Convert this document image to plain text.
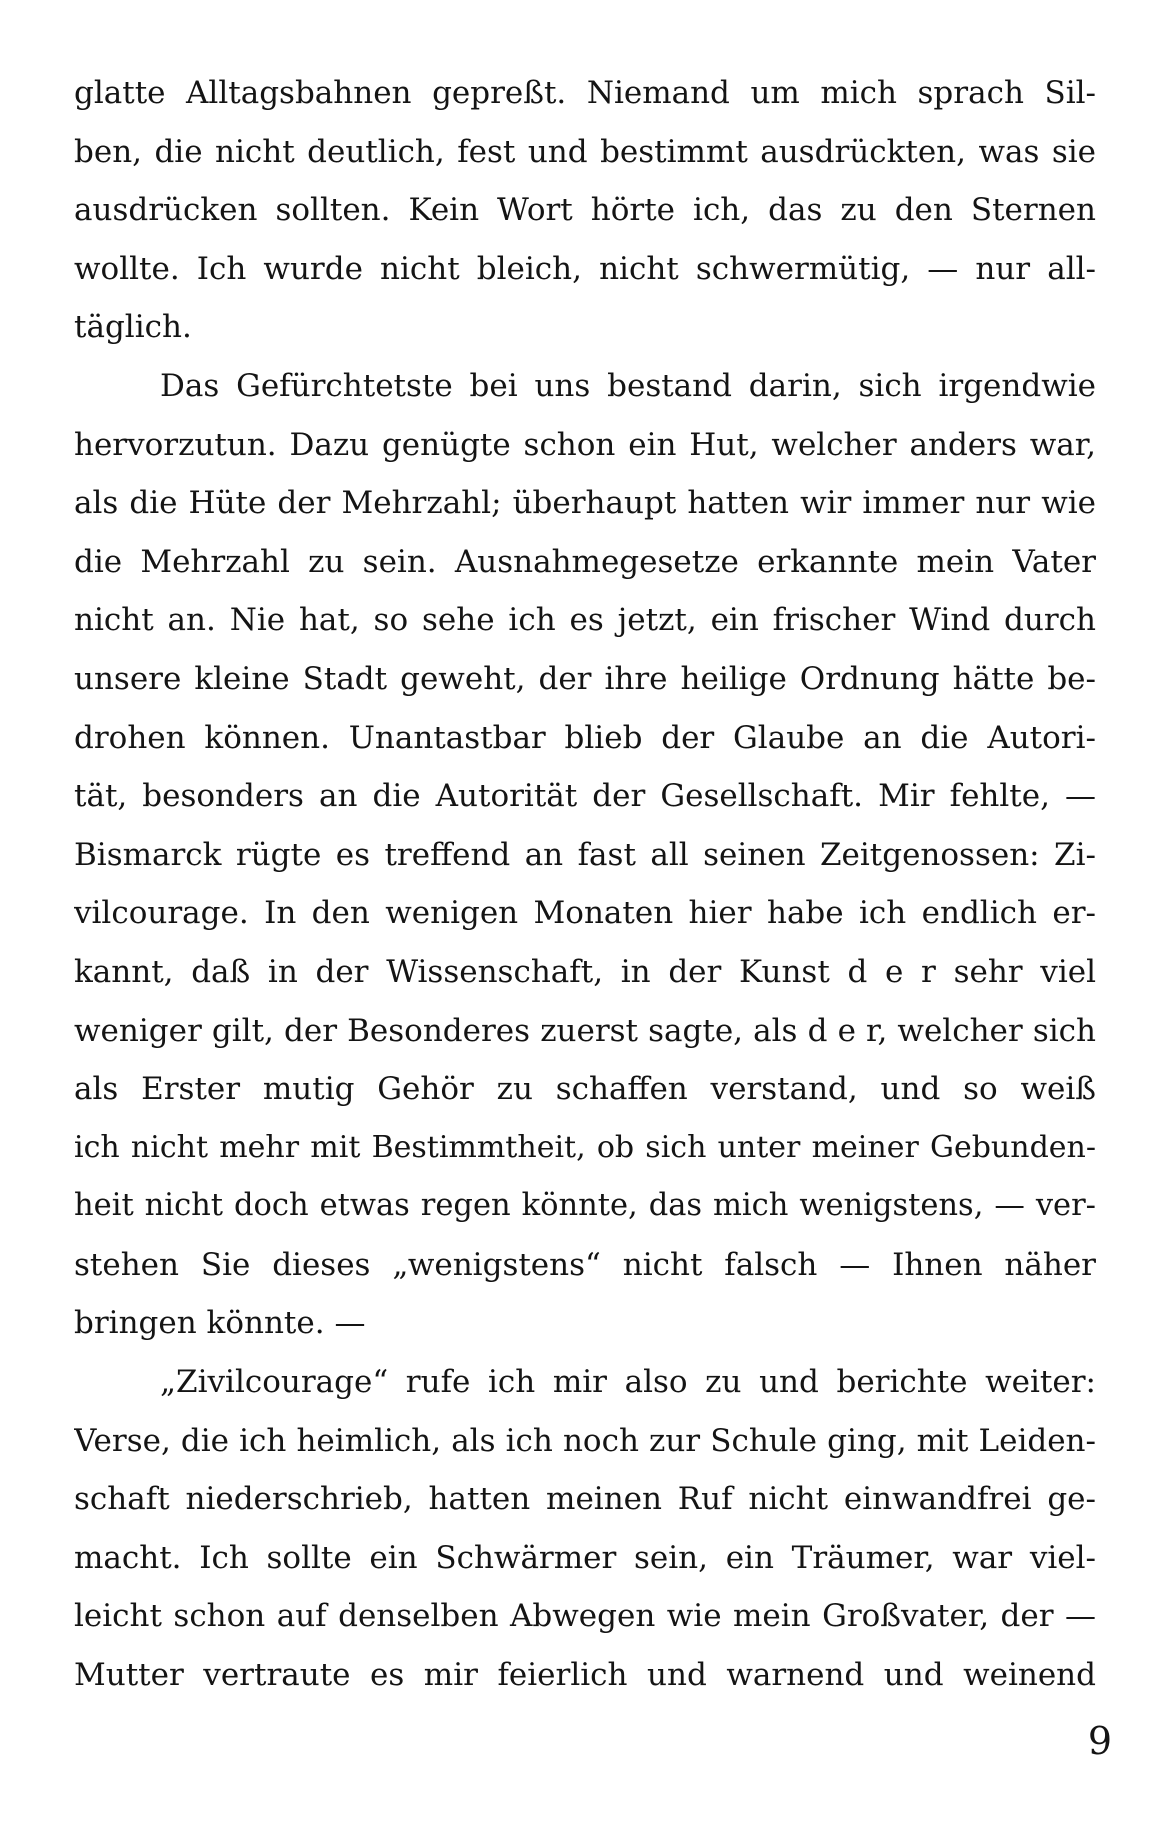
glatte Alltagsbahnen gepreßt. Niemand um mich sprach Sil-
ben, die nicht deutlich, fest und bestimmt ausdrückten, was sie
ausdrücken sollten. Kein Wort hörte ich, das zu den Sternen
wollte. Ich wurde nicht bleich, nicht schwermütig, — nur all-
täglich.
Das Gefürchtetste bei uns bestand darin, sich irgendwie
hervorzutun. Dazu genügte schon ein Hut, welcher anders war,
als die Hüte der Mehrzahl; überhaupt hatten wir immer nur wie
die Mehrzahl zu sein. Ausnahmegesetze erkannte mein Vater
nicht an. Nie hat, so sehe ich es jetzt, ein frischer Wind durch
unsere kleine Stadt geweht, der ihre heilige Ordnung hätte be-
drohen können. Unantastbar blieb der Glaube an die Autori-
tät, besonders an die Autorität der Gesellschaft. Mir fehlte, —
Bismarck rügte es treffend an fast all seinen Zeitgenossen: Zi-
vilcourage. In den wenigen Monaten hier habe ich endlich er-
kannt, daß in der Wissenschaft, in der Kunst d e r sehr viel
weniger gilt, der Besonderes zuerst sagte, als d e r, welcher sich
als Erster mutig Gehör zu schaffen verstand, und so weiß
ich nicht mehr mit Bestimmtheit, ob sich unter meiner Gebunden-
heit nicht doch etwas regen könnte, das mich wenigstens, — ver-
stehen Sie dieses „wenigstens“ nicht falsch — Ihnen näher
bringen könnte. —
„Zivilcourage“ rufe ich mir also zu und berichte weiter:
Verse, die ich heimlich, als ich noch zur Schule ging, mit Leiden-
schaft niederschrieb, hatten meinen Ruf nicht einwandfrei ge-
macht. Ich sollte ein Schwärmer sein, ein Träumer, war viel-
leicht schon auf denselben Abwegen wie mein Großvater, der —
Mutter vertraute es mir feierlich und warnend und weinend
9
